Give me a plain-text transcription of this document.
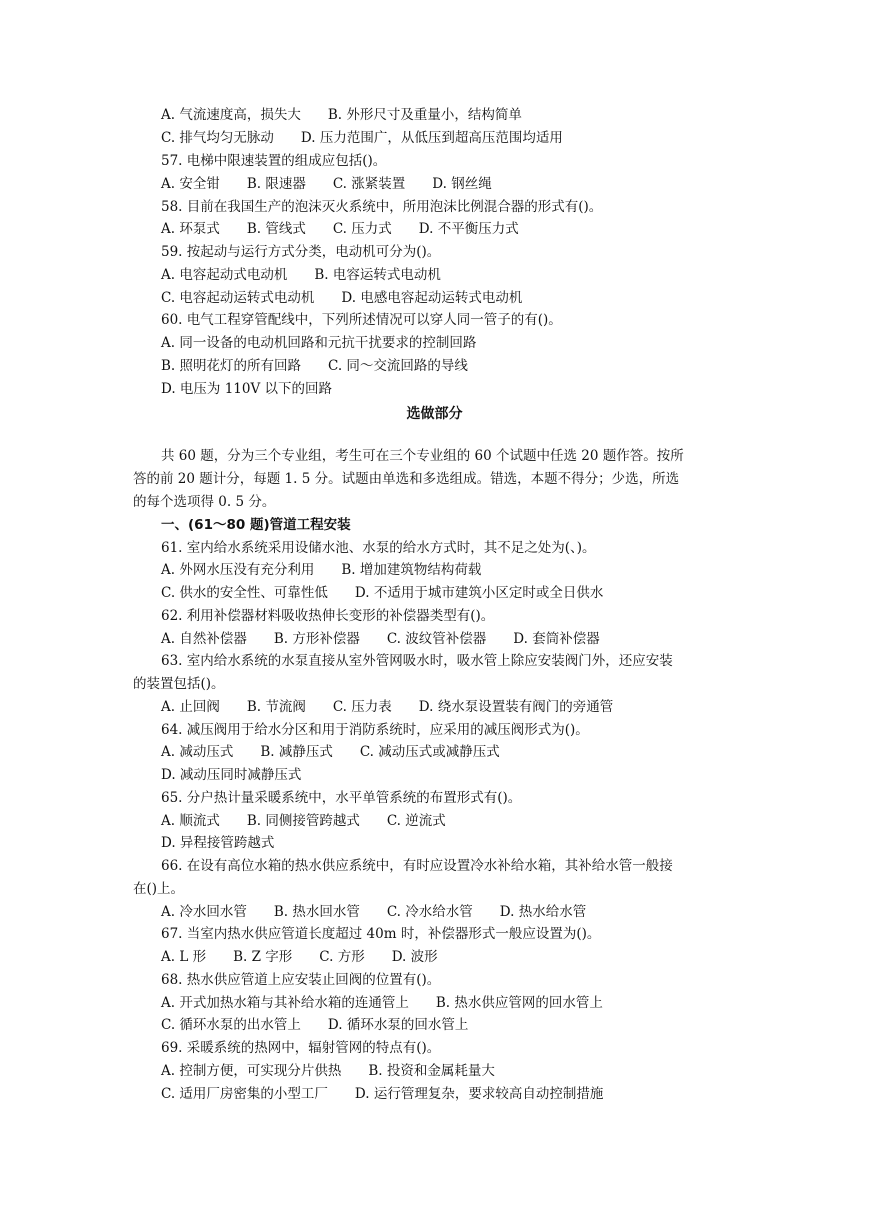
A. 气流速度高，损失大　　B. 外形尺寸及重量小，结构简单
C. 排气均匀无脉动　　D. 压力范围广，从低压到超高压范围均适用
57. 电梯中限速装置的组成应包括()。
A. 安全钳　　B. 限速器　　C. 涨紧装置　　D. 钢丝绳
58. 目前在我国生产的泡沫灭火系统中，所用泡沫比例混合器的形式有()。
A. 环泵式　　B. 管线式　　C. 压力式　　D. 不平衡压力式
59. 按起动与运行方式分类，电动机可分为()。
A. 电容起动式电动机　　B. 电容运转式电动机
C. 电容起动运转式电动机　　D. 电感电容起动运转式电动机
60. 电气工程穿管配线中，下列所述情况可以穿人同一管子的有()。
A. 同一设备的电动机回路和元抗干扰要求的控制回路
B. 照明花灯的所有回路　　C. 同～交流回路的导线
D. 电压为 110V 以下的回路
选做部分
共 60 题，分为三个专业组，考生可在三个专业组的 60 个试题中任选 20 题作答。按所
答的前 20 题计分，每题 1. 5 分。试题由单选和多选组成。错选，本题不得分；少选，所选
的每个选项得 0. 5 分。
一、(61～80 题)管道工程安装
61. 室内给水系统采用设储水池、水泵的给水方式时，其不足之处为(、)。
A. 外网水压没有充分利用　　B. 增加建筑物结构荷载
C. 供水的安全性、可靠性低　　D. 不适用于城市建筑小区定时或全日供水
62. 利用补偿器材料吸收热伸长变形的补偿器类型有()。
A. 自然补偿器　　B. 方形补偿器　　C. 波纹管补偿器　　D. 套筒补偿器
63. 室内给水系统的水泵直接从室外管网吸水时，吸水管上除应安装阀门外，还应安装
的装置包括()。
A. 止回阀　　B. 节流阀　　C. 压力表　　D. 绕水泵设置装有阀门的旁通管
64. 减压阀用于给水分区和用于消防系统时，应采用的减压阀形式为()。
A. 减动压式　　B. 减静压式　　C. 减动压式或减静压式
D. 减动压同时减静压式
65. 分户热计量采暖系统中，水平单管系统的布置形式有()。
A. 顺流式　　B. 同侧接管跨越式　　C. 逆流式
D. 异程接管跨越式
66. 在设有高位水箱的热水供应系统中，有时应设置冷水补给水箱，其补给水管一般接
在()上。
A. 冷水回水管　　B. 热水回水管　　C. 冷水给水管　　D. 热水给水管
67. 当室内热水供应管道长度超过 40m 时，补偿器形式一般应设置为()。
A. L 形　　B. Z 字形　　C. 方形　　D. 波形
68. 热水供应管道上应安装止回阀的位置有()。
A. 开式加热水箱与其补给水箱的连通管上　　B. 热水供应管网的回水管上
C. 循环水泵的出水管上　　D. 循环水泵的回水管上
69. 采暖系统的热网中，辐射管网的特点有()。
A. 控制方便，可实现分片供热　　B. 投资和金属耗量大
C. 适用厂房密集的小型工厂　　D. 运行管理复杂，要求较高自动控制措施
